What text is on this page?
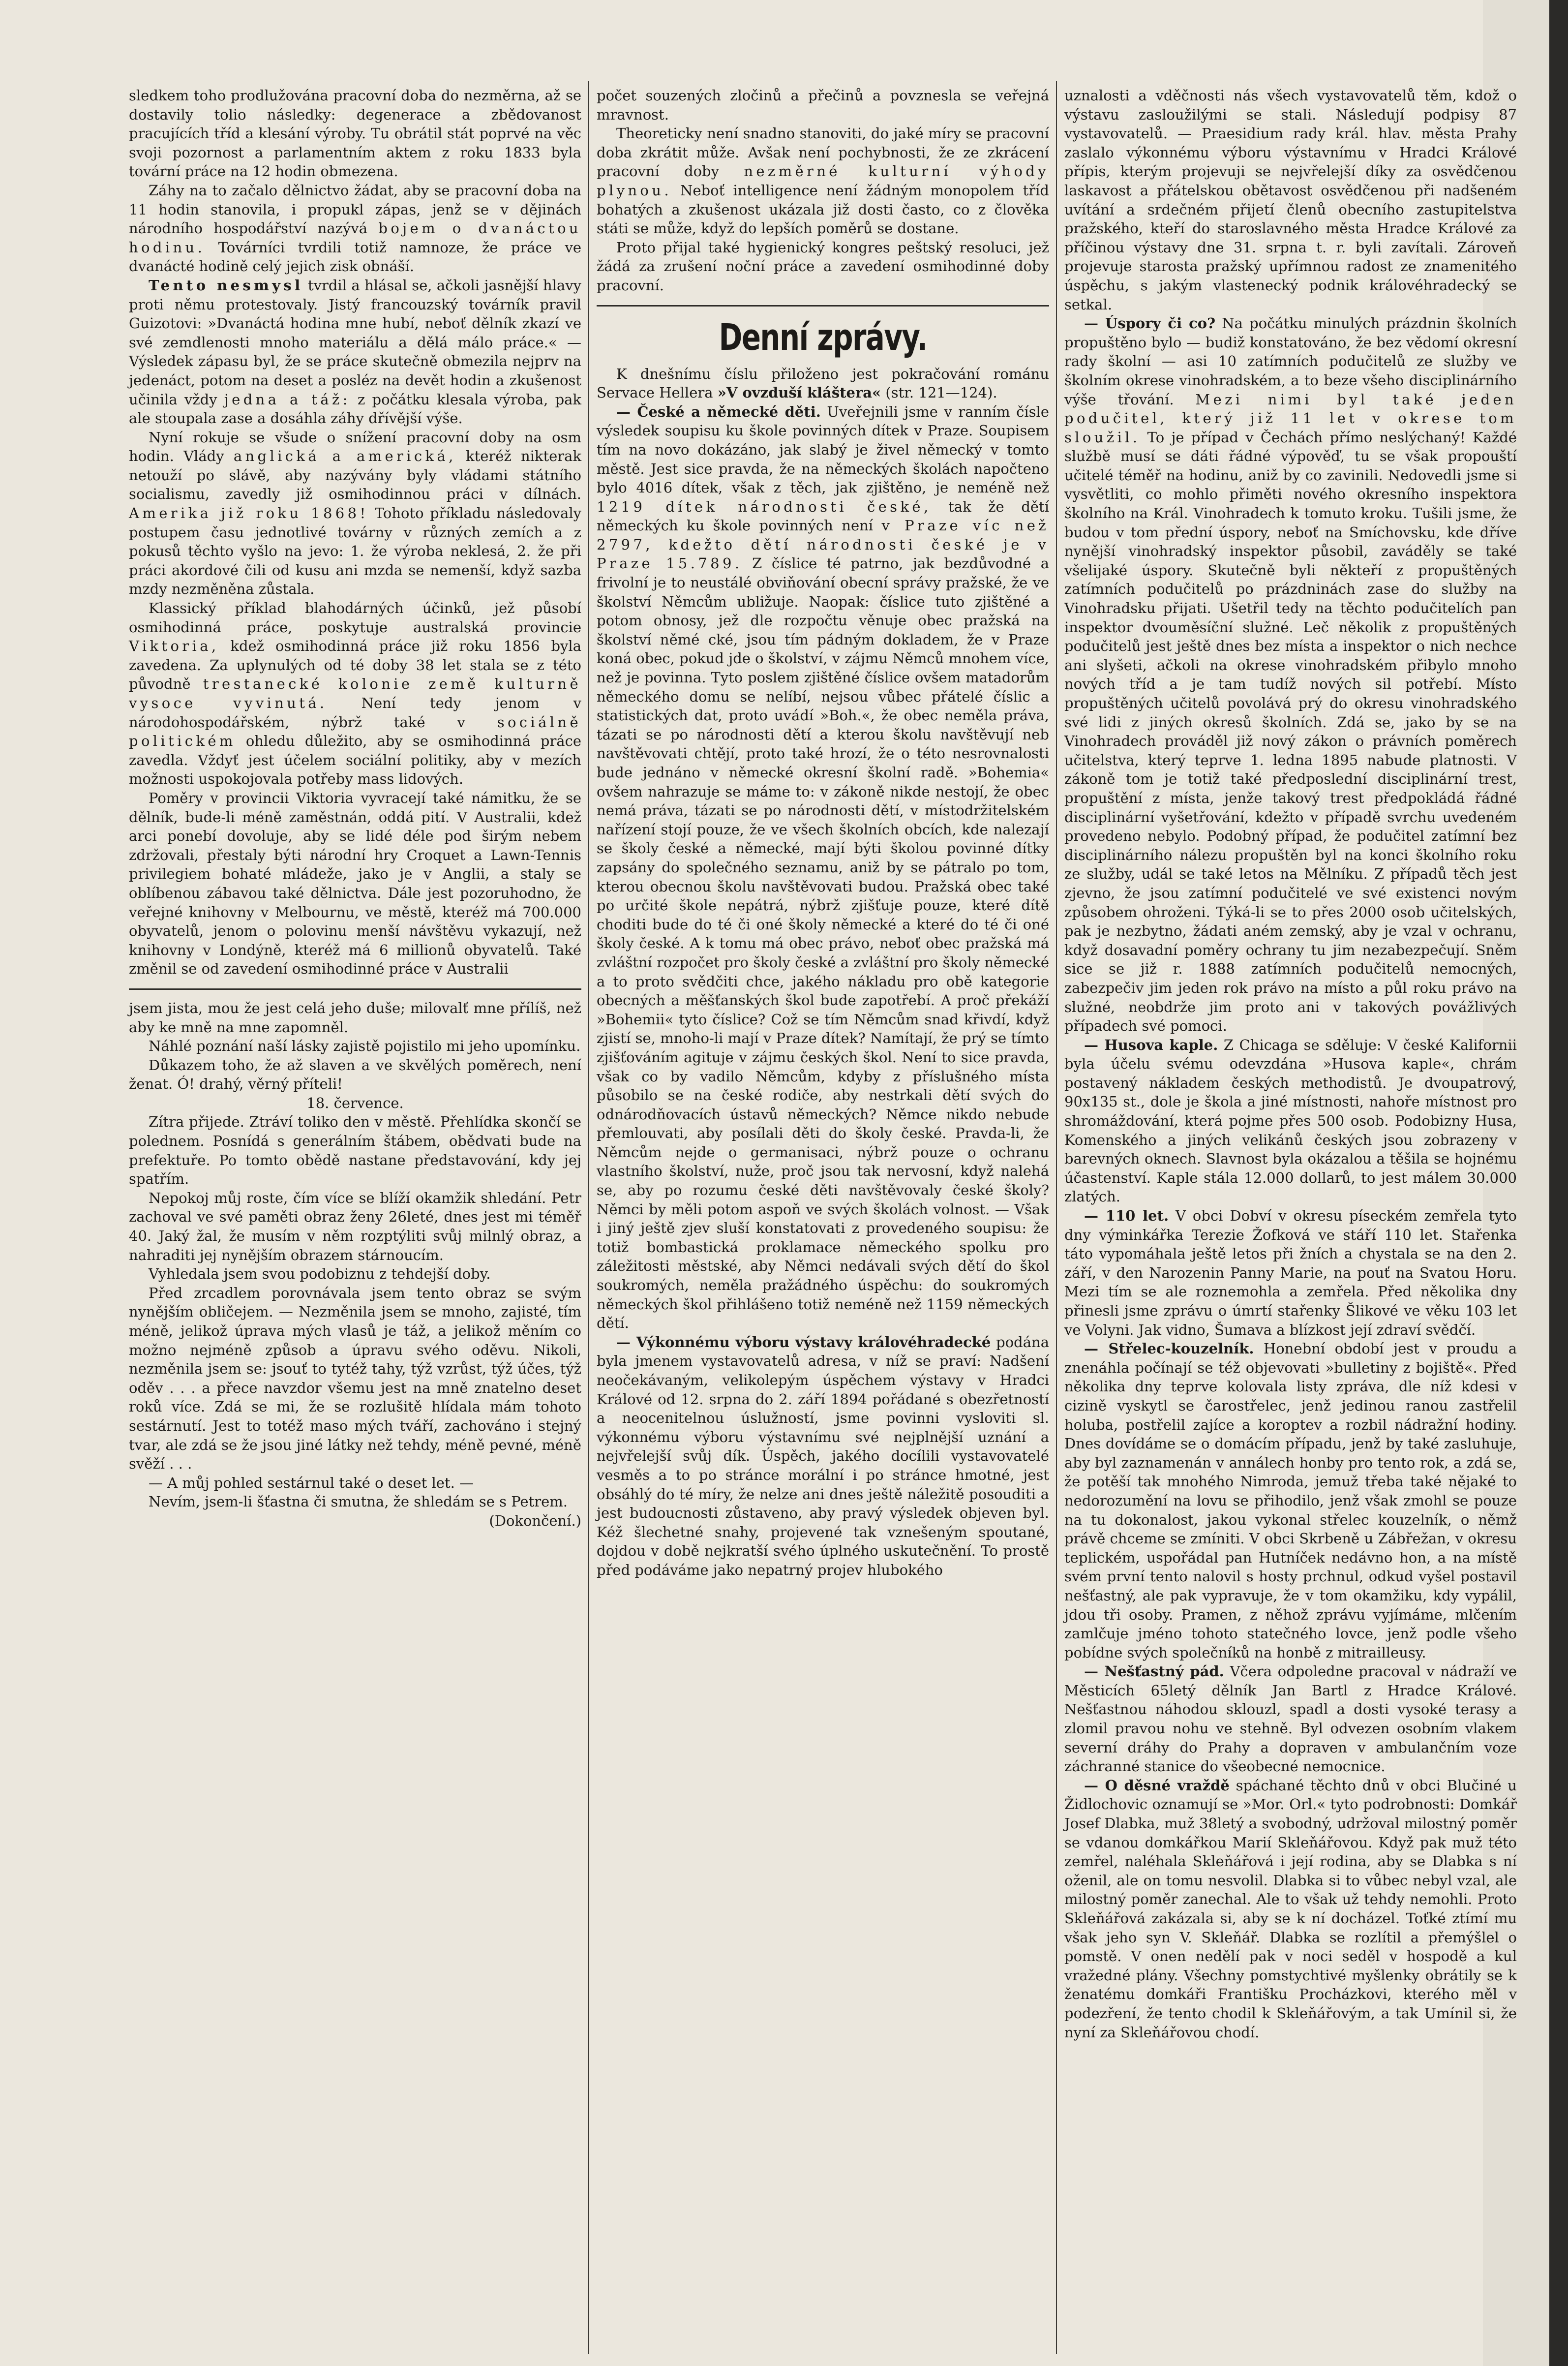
sledkem toho prodlužována pracovní doba do nezměrna, až se dostavily tolio následky: degenerace a zbědovanost pracujících tříd a klesání výroby. Tu obrátil stát poprvé na věc svoji pozornost a parlamentním aktem z roku 1833 byla tovární práce na 12 hodin obmezena.

Záhy na to začalo dělnictvo žádat, aby se pracovní doba na 11 hodin stanovila, i propukl zápas, jenž se v dějinách národního hospodářství nazývá bojem o dvanáctou hodinu. Továrníci tvrdili totiž namnoze, že práce ve dvanácté hodině celý jejich zisk obnáší.

Tento nesmysl tvrdil a hlásal se, ačkoli jasnější hlavy proti němu protestovaly. Jistý francouzský továrník pravil Guizotovi: »Dvanáctá hodina mne hubí, neboť dělník zkazí ve své zemdlenosti mnoho materiálu a dělá málo práce.« — Výsledek zápasu byl, že se práce skutečně obmezila nejprv na jedenáct, potom na deset a posléz na devět hodin a zkušenost učinila vždy jedna a táž: z počátku klesala výroba, pak ale stoupala zase a dosáhla záhy dřívější výše.

Nyní rokuje se všude o snížení pracovní doby na osm hodin. Vlády anglická a americká, kteréž nikterak netouží po slávě, aby nazývány byly vládami státního socialismu, zavedly již osmihodinnou práci v dílnách. Amerika již roku 1868! Tohoto příkladu následovaly postupem času jednotlivé továrny v různých zemích a z pokusů těchto vyšlo na jevo: 1. že výroba neklesá, 2. že při práci akordové čili od kusu ani mzda se nemenší, když sazba mzdy nezměněna zůstala.

Klassický příklad blahodárných účinků, jež působí osmihodinná práce, poskytuje australská provincie Viktoria, kdež osmihodinná práce již roku 1856 byla zavedena. Za uplynulých od té doby 38 let stala se z této původně trestanecké kolonie země kulturně vysoce vyvinutá. Není tedy jenom v národohospodářském, nýbrž také v sociálně politickém ohledu důležito, aby se osmihodinná práce zavedla. Vždyť jest účelem sociální politiky, aby v mezích možnosti uspokojovala potřeby mass lidových.

Poměry v provincii Viktoria vyvracejí také námitku, že se dělník, bude-li méně zaměstnán, oddá pití. V Australii, kdež arci ponebí dovoluje, aby se lidé déle pod širým nebem zdržovali, přestaly býti národní hry Croquet a Lawn-Tennis privilegiem bohaté mládeže, jako je v Anglii, a staly se oblíbenou zábavou také dělnictva. Dále jest pozoruhodno, že veřejné knihovny v Melbournu, ve městě, kteréž má 700.000 obyvatelů, jenom o polovinu menší návštěvu vykazují, než knihovny v Londýně, kteréž má 6 millionů obyvatelů. Také změnil se od zavedení osmihodinné práce v Australii

jsem jista, mou že jest celá jeho duše; milovalť mne přílíš, než aby ke mně na mne zapomněl.

Náhlé poznání naší lásky zajistě pojistilo mi jeho upomínku.

Důkazem toho, že až slaven a ve skvělých poměrech, není ženat. Ó! drahý, věrný příteli!

18. července.

Zítra přijede. Ztráví toliko den v městě. Přehlídka skončí se polednem. Posnídá s generálním štábem, obědvati bude na prefektuře. Po tomto obědě nastane představování, kdy jej spatřím.

Nepokoj můj roste, čím více se blíží okamžik shledání. Petr zachoval ve své paměti obraz ženy 26leté, dnes jest mi téměř 40. Jaký žal, že musím v něm rozptýliti svůj milnlý obraz, a nahraditi jej nynějším obrazem stárnoucím.

Vyhledala jsem svou podobiznu z tehdejší doby.

Před zrcadlem porovnávala jsem tento obraz se svým nynějším obličejem. — Nezměnila jsem se mnoho, zajisté, tím méně, jelikož úprava mých vlasů je táž, a jelikož měním co možno nejméně způsob a úpravu svého oděvu. Nikoli, nezměnila jsem se: jsouť to tytéž tahy, týž vzrůst, týž účes, týž oděv . . . a přece navzdor všemu jest na mně znatelno deset roků více. Zdá se mi, že se rozlušitě hlídala mám tohoto sestárnutí. Jest to totéž maso mých tváří, zachováno i stejný tvar, ale zdá se že jsou jiné látky než tehdy, méně pevné, méně svěží . . .

— A můj pohled sestárnul také o deset let. —

Nevím, jsem-li šťastna či smutna, že shledám se s Petrem.
(Dokončení.)

počet souzených zločinů a přečinů a povznesla se veřejná mravnost.

Theoreticky není snadno stanoviti, do jaké míry se pracovní doba zkrátit může. Avšak není pochybnosti, že ze zkrácení pracovní doby nezměrné kulturní výhody plynou. Neboť intelligence není žádným monopolem tříd bohatých a zkušenost ukázala již dosti často, co z člověka státi se může, když do lepších poměrů se dostane.

Proto přijal také hygienický kongres peštský resoluci, jež žádá za zrušení noční práce a zavedení osmihodinné doby pracovní.

Denní zprávy.

K dnešnímu číslu přiloženo jest pokračování románu Servace Hellera »V ovzduší kláštera« (str. 121—124).

— České a německé děti. Uveřejnili jsme v ranním čísle výsledek soupisu ku škole povinných dítek v Praze. Soupisem tím na novo dokázáno, jak slabý je živel německý v tomto městě. Jest sice pravda, že na německých školách napočteno bylo 4016 dítek, však z těch, jak zjištěno, je neméně než 1219 dítek národnosti české, tak že dětí německých ku škole povinných není v Praze víc než 2797, kdežto dětí národnosti české je v Praze 15.789. Z číslice té patrno, jak bezdůvodné a frivolní je to neustálé obviňování obecní správy pražské, že ve školství Němcům ubližuje. Naopak: číslice tuto zjištěné a potom obnosy, jež dle rozpočtu věnuje obec pražská na školství němé cké, jsou tím pádným dokladem, že v Praze koná obec, pokud jde o školství, v zájmu Němců mnohem více, než je povinna. Tyto poslem zjištěné číslice ovšem matadorům německého domu se nelíbí, nejsou vůbec přátelé číslic a statistických dat, proto uvádí »Boh.«, že obec neměla práva, tázati se po národnosti dětí a kterou školu navštěvují neb navštěvovati chtějí, proto také hrozí, že o této nesrovnalosti bude jednáno v německé okresní školní radě. »Bohemia« ovšem nahrazuje se máme to: v zákoně nikde nestojí, že obec nemá práva, tázati se po národnosti dětí, v místodržitelském nařízení stojí pouze, že ve všech školních obcích, kde nalezají se školy české a německé, mají býti školou povinné dítky zapsány do společného seznamu, aniž by se pátralo po tom, kterou obecnou školu navštěvovati budou. Pražská obec také po určité škole nepátrá, nýbrž zjišťuje pouze, které dítě choditi bude do té či oné školy německé a které do té či oné školy české. A k tomu má obec právo, neboť obec pražská má zvláštní rozpočet pro školy české a zvláštní pro školy německé a to proto svědčiti chce, jakého nákladu pro obě kategorie obecných a měšťanských škol bude zapotřebí. A proč překáží »Bohemii« tyto číslice? Což se tím Němcům snad křivdí, když zjistí se, mnoho-li mají v Praze dítek? Namítají, že prý se tímto zjišťováním agituje v zájmu českých škol. Není to sice pravda, však co by vadilo Němcům, kdyby z příslušného místa působilo se na české rodiče, aby nestrkali dětí svých do odnárodňovacích ústavů německých? Němce nikdo nebude přemlouvati, aby posílali děti do školy české. Pravda-li, že Němcům nejde o germanisaci, nýbrž pouze o ochranu vlastního školství, nuže, proč jsou tak nervosní, když nalehá se, aby po rozumu české děti navštěvovaly české školy? Němci by měli potom aspoň ve svých školách volnost. — Však i jiný ještě zjev sluší konstatovati z provedeného soupisu: že totiž bombastická proklamace německého spolku pro záležitosti městské, aby Němci nedávali svých dětí do škol soukromých, neměla pražádného úspěchu: do soukromých německých škol přihlášeno totiž neméně než 1159 německých dětí.

— Výkonnému výboru výstavy královéhradecké podána byla jmenem vystavovatelů adresa, v níž se praví: Nadšení neočekávaným, velikolepým úspěchem výstavy v Hradci Králové od 12. srpna do 2. září 1894 pořádané s obezřetností a neocenitelnou úslužností, jsme povinni vysloviti sl. výkonnému výboru výstavnímu své nejplnější uznání a nejvřelejší svůj dík. Úspěch, jakého docílili vystavovatelé vesměs a to po stránce morální i po stránce hmotné, jest obsáhlý do té míry, že nelze ani dnes ještě náležitě posouditi a jest budoucnosti zůstaveno, aby pravý výsledek objeven byl. Kéž šlechetné snahy, projevené tak vznešeným spoutané, dojdou v době nejkratší svého úplného uskutečnění. To prostě před podáváme jako nepatrný projev hlubokého

uznalosti a vděčnosti nás všech vystavovatelů těm, kdož o výstavu zasloužilými se stali. Následují podpisy 87 vystavovatelů. — Praesidium rady král. hlav. města Prahy zaslalo výkonnému výboru výstavnímu v Hradci Králové přípis, kterým projevuji se nejvřelejší díky za osvědčenou laskavost a přátelskou obětavost osvědčenou při nadšeném uvítání a srdečném přijetí členů obecního zastupitelstva pražského, kteří do staroslavného města Hradce Králové za příčinou výstavy dne 31. srpna t. r. byli zavítali. Zároveň projevuje starosta pražský upřímnou radost ze znamenitého úspěchu, s jakým vlastenecký podnik královéhradecký se setkal.

— Úspory či co? Na počátku minulých prázdnin školních propuštěno bylo — budiž konstatováno, že bez vědomí okresní rady školní — asi 10 zatímních podučitelů ze služby ve školním okrese vinohradském, a to beze všeho disciplinárního výše třování. Mezi nimi byl také jeden podučitel, který již 11 let v okrese tom sloužil. To je případ v Čechách přímo neslýchaný! Každé službě musí se dáti řádné výpověď, tu se však propouští učitelé téměř na hodinu, aniž by co zavinili. Nedovedli jsme si vysvětliti, co mohlo přiměti nového okresního inspektora školního na Král. Vinohradech k tomuto kroku. Tušili jsme, že budou v tom přední úspory, neboť na Smíchovsku, kde dříve nynější vinohradský inspektor působil, zaváděly se také všelijaké úspory. Skutečně byli někteří z propuštěných zatímních podučitelů po prázdninách zase do služby na Vinohradsku přijati. Ušetřil tedy na těchto podučitelích pan inspektor dvouměsíční služné. Leč několik z propuštěných podučitelů jest ještě dnes bez místa a inspektor o nich nechce ani slyšeti, ačkoli na okrese vinohradském přibylo mnoho nových tříd a je tam tudíž nových sil potřebí. Místo propuštěných učitelů povolává prý do okresu vinohradského své lidi z jiných okresů školních. Zdá se, jako by se na Vinohradech prováděl již nový zákon o právních poměrech učitelstva, který teprve 1. ledna 1895 nabude platnosti. V zákoně tom je totiž také předposlední disciplinární trest, propuštění z místa, jenže takový trest předpokládá řádné disciplinární vyšetřování, kdežto v případě svrchu uvedeném provedeno nebylo. Podobný případ, že podučitel zatímní bez disciplinárního nálezu propuštěn byl na konci školního roku ze služby, udál se také letos na Mělníku. Z případů těch jest zjevno, že jsou zatímní podučitelé ve své existenci novým způsobem ohroženi. Týká-li se to přes 2000 osob učitelských, pak je nezbytno, žádati aném zemský, aby je vzal v ochranu, když dosavadní poměry ochrany tu jim nezabezpečují. Sněm sice se již r. 1888 zatímních podučitelů nemocných, zabezpečiv jim jeden rok právo na místo a půl roku právo na služné, neobdrže jim proto ani v takových povážlivých případech své pomoci.

— Husova kaple. Z Chicaga se sděluje: V české Kalifornii byla účelu svému odevzdána »Husova kaple«, chrám postavený nákladem českých methodistů. Je dvoupatrový, 90x135 st., dole je škola a jiné místnosti, nahoře místnost pro shromáždování, která pojme přes 500 osob. Podobizny Husa, Komenského a jiných velikánů českých jsou zobrazeny v barevných oknech. Slavnost byla okázalou a těšila se hojnému účastenství. Kaple stála 12.000 dollarů, to jest málem 30.000 zlatých.

— 110 let. V obci Dobví v okresu píseckém zemřela tyto dny výminkářka Terezie Žofková ve stáří 110 let. Stařenka táto vypomáhala ještě letos při žních a chystala se na den 2. září, v den Narozenin Panny Marie, na pouť na Svatou Horu. Mezi tím se ale roznemohla a zemřela. Před několika dny přinesli jsme zprávu o úmrtí stařenky Šlikové ve věku 103 let ve Volyni. Jak vidno, Šumava a blízkost její zdraví svědčí.

— Střelec-kouzelník. Honební období jest v proudu a znenáhla počínají se též objevovati »bulletiny z bojiště«. Před několika dny teprve kolovala listy zpráva, dle níž kdesi v cizině vyskytl se čarostřelec, jenž jedinou ranou zastřelil holuba, postřelil zajíce a koroptev a rozbil nádražní hodiny. Dnes dovídáme se o domácím případu, jenž by také zasluhuje, aby byl zaznamenán v annálech honby pro tento rok, a zdá se, že potěší tak mnohého Nimroda, jemuž třeba také nějaké to nedorozumění na lovu se přihodilo, jenž však zmohl se pouze na tu dokonalost, jakou vykonal střelec kouzelník, o němž právě chceme se zmíniti. V obci Skrbeně u Zábřežan, v okresu teplickém, uspořádal pan Hutníček nedávno hon, a na místě svém první tento nalovil s hosty prchnul, odkud vyšel postavil nešťastný, ale pak vypravuje, že v tom okamžiku, kdy vypálil, jdou tři osoby. Pramen, z něhož zprávu vyjímáme, mlčením zamlčuje jméno tohoto statečného lovce, jenž podle všeho pobídne svých společníků na honbě z mitrailleusy.

— Nešťastný pád. Včera odpoledne pracoval v nádraží ve Městicích 65letý dělník Jan Bartl z Hradce Králové. Nešťastnou náhodou sklouzl, spadl a dosti vysoké terasy a zlomil pravou nohu ve stehně. Byl odvezen osobním vlakem severní dráhy do Prahy a dopraven v ambulančním voze záchranné stanice do všeobecné nemocnice.

— O děsné vraždě spáchané těchto dnů v obci Blučiné u Židlochovic oznamují se »Mor. Orl.« tyto podrobnosti: Domkář Josef Dlabka, muž 38letý a svobodný, udržoval milostný poměr se vdanou domkářkou Marií Skleňářovou. Když pak muž této zemřel, naléhala Skleňářová i její rodina, aby se Dlabka s ní oženil, ale on tomu nesvolil. Dlabka si to vůbec nebyl vzal, ale milostný poměr zanechal. Ale to však už tehdy nemohli. Proto Skleňářová zakázala si, aby se k ní docházel. Toťké ztímí mu však jeho syn V. Skleňář. Dlabka se rozlítil a přemýšlel o pomstě. V onen nedělí pak v noci seděl v hospodě a kul vražedné plány. Všechny pomstychtivé myšlenky obrátily se k ženatému domkáři Františku Procházkovi, kterého měl v podezření, že tento chodil k Skleňářovým, a tak Umínil si, že nyní za Skleňářovou chodí.
